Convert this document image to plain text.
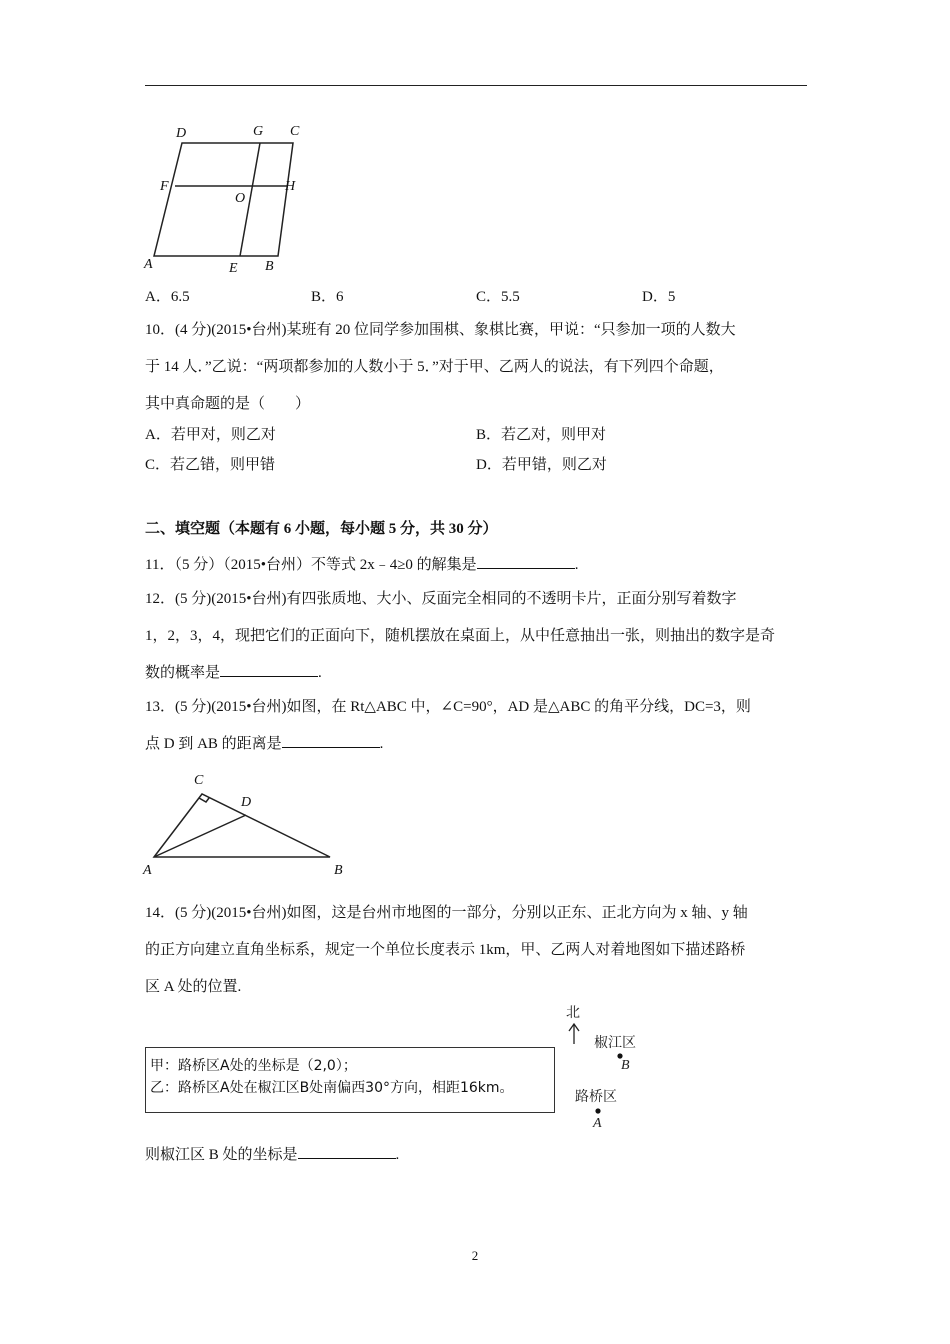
D	G C
F
O
H
A	E B
A．6.5	B．6	C．5.5	D．5
10．(4 分)(2015•台州)某班有 20 位同学参加围棋、象棋比赛，甲说：“只参加一项的人数大
于 14 人．”乙说：“两项都参加的人数小于 5．”对于甲、乙两人的说法，有下列四个命题，
其中真命题的是（　　）
A．若甲对，则乙对	B．若乙对，则甲对
C．若乙错，则甲错	D．若甲错，则乙对
二、填空题（本题有 6 小题，每小题 5 分，共 30 分）
11．（5 分）（2015•台州）不等式 2x﹣4≥0 的解集是	.
12．(5 分)(2015•台州)有四张质地、大小、反面完全相同的不透明卡片，正面分别写着数字
1，2，3，4，现把它们的正面向下，随机摆放在桌面上，从中任意抽出一张，则抽出的数字是奇
数的概率是	.
13．(5 分)(2015•台州)如图，在 Rt△ABC 中，∠C=90°，AD 是△ABC 的角平分线，DC=3，则
点 D 到 AB 的距离是	.
C
D
A	B
14．(5 分)(2015•台州)如图，这是台州市地图的一部分，分别以正东、正北方向为 x 轴、y 轴
的正方向建立直角坐标系，规定一个单位长度表示 1km，甲、乙两人对着地图如下描述路桥
区 A 处的位置.
甲：路桥区A处的坐标是（2,0）；
乙：路桥区A处在椒江区B处南偏西30°方向，相距16km。
北
椒江区
B
路桥区
A
则椒江区 B 处的坐标是	.
2
